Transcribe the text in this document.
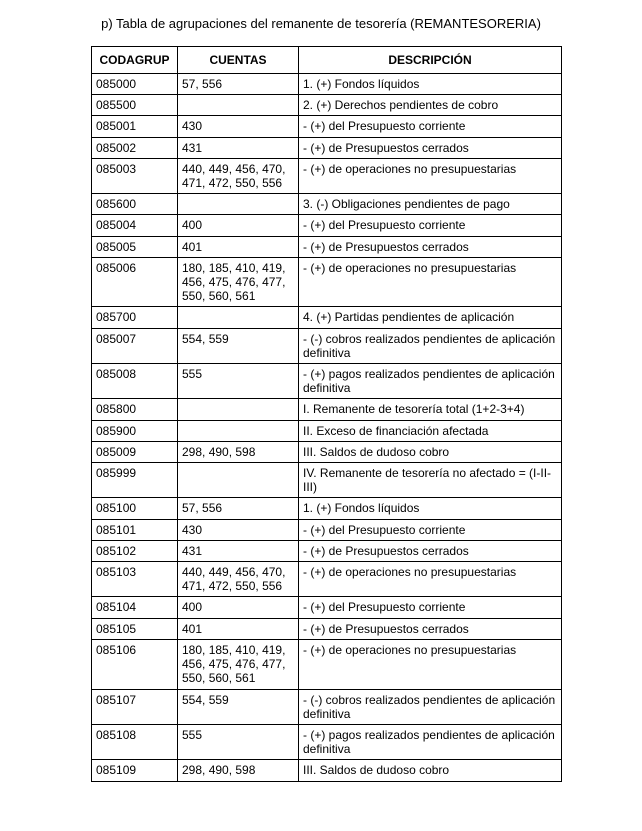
p) Tabla de agrupaciones del remanente de tesorería (REMANTESORERIA)
CODAGRUP	CUENTAS	DESCRIPCIÓN
085000	57, 556	1. (+) Fondos líquidos
085500		2. (+) Derechos pendientes de cobro
085001	430	- (+) del Presupuesto corriente
085002	431	- (+) de Presupuestos cerrados
085003	440, 449, 456, 470, 471, 472, 550, 556	- (+) de operaciones no presupuestarias
085600		3. (-) Obligaciones pendientes de pago
085004	400	- (+) del Presupuesto corriente
085005	401	- (+) de Presupuestos cerrados
085006	180, 185, 410, 419, 456, 475, 476, 477, 550, 560, 561	- (+) de operaciones no presupuestarias
085700		4. (+) Partidas pendientes de aplicación
085007	554, 559	- (-) cobros realizados pendientes de aplicación definitiva
085008	555	- (+) pagos realizados pendientes de aplicación definitiva
085800		I. Remanente de tesorería total (1+2-3+4)
085900		II. Exceso de financiación afectada
085009	298, 490, 598	III. Saldos de dudoso cobro
085999		IV. Remanente de tesorería no afectado = (I-II-III)
085100	57, 556	1. (+) Fondos líquidos
085101	430	- (+) del Presupuesto corriente
085102	431	- (+) de Presupuestos cerrados
085103	440, 449, 456, 470, 471, 472, 550, 556	- (+) de operaciones no presupuestarias
085104	400	- (+) del Presupuesto corriente
085105	401	- (+) de Presupuestos cerrados
085106	180, 185, 410, 419, 456, 475, 476, 477, 550, 560, 561	- (+) de operaciones no presupuestarias
085107	554, 559	- (-) cobros realizados pendientes de aplicación definitiva
085108	555	- (+) pagos realizados pendientes de aplicación definitiva
085109	298, 490, 598	III. Saldos de dudoso cobro
